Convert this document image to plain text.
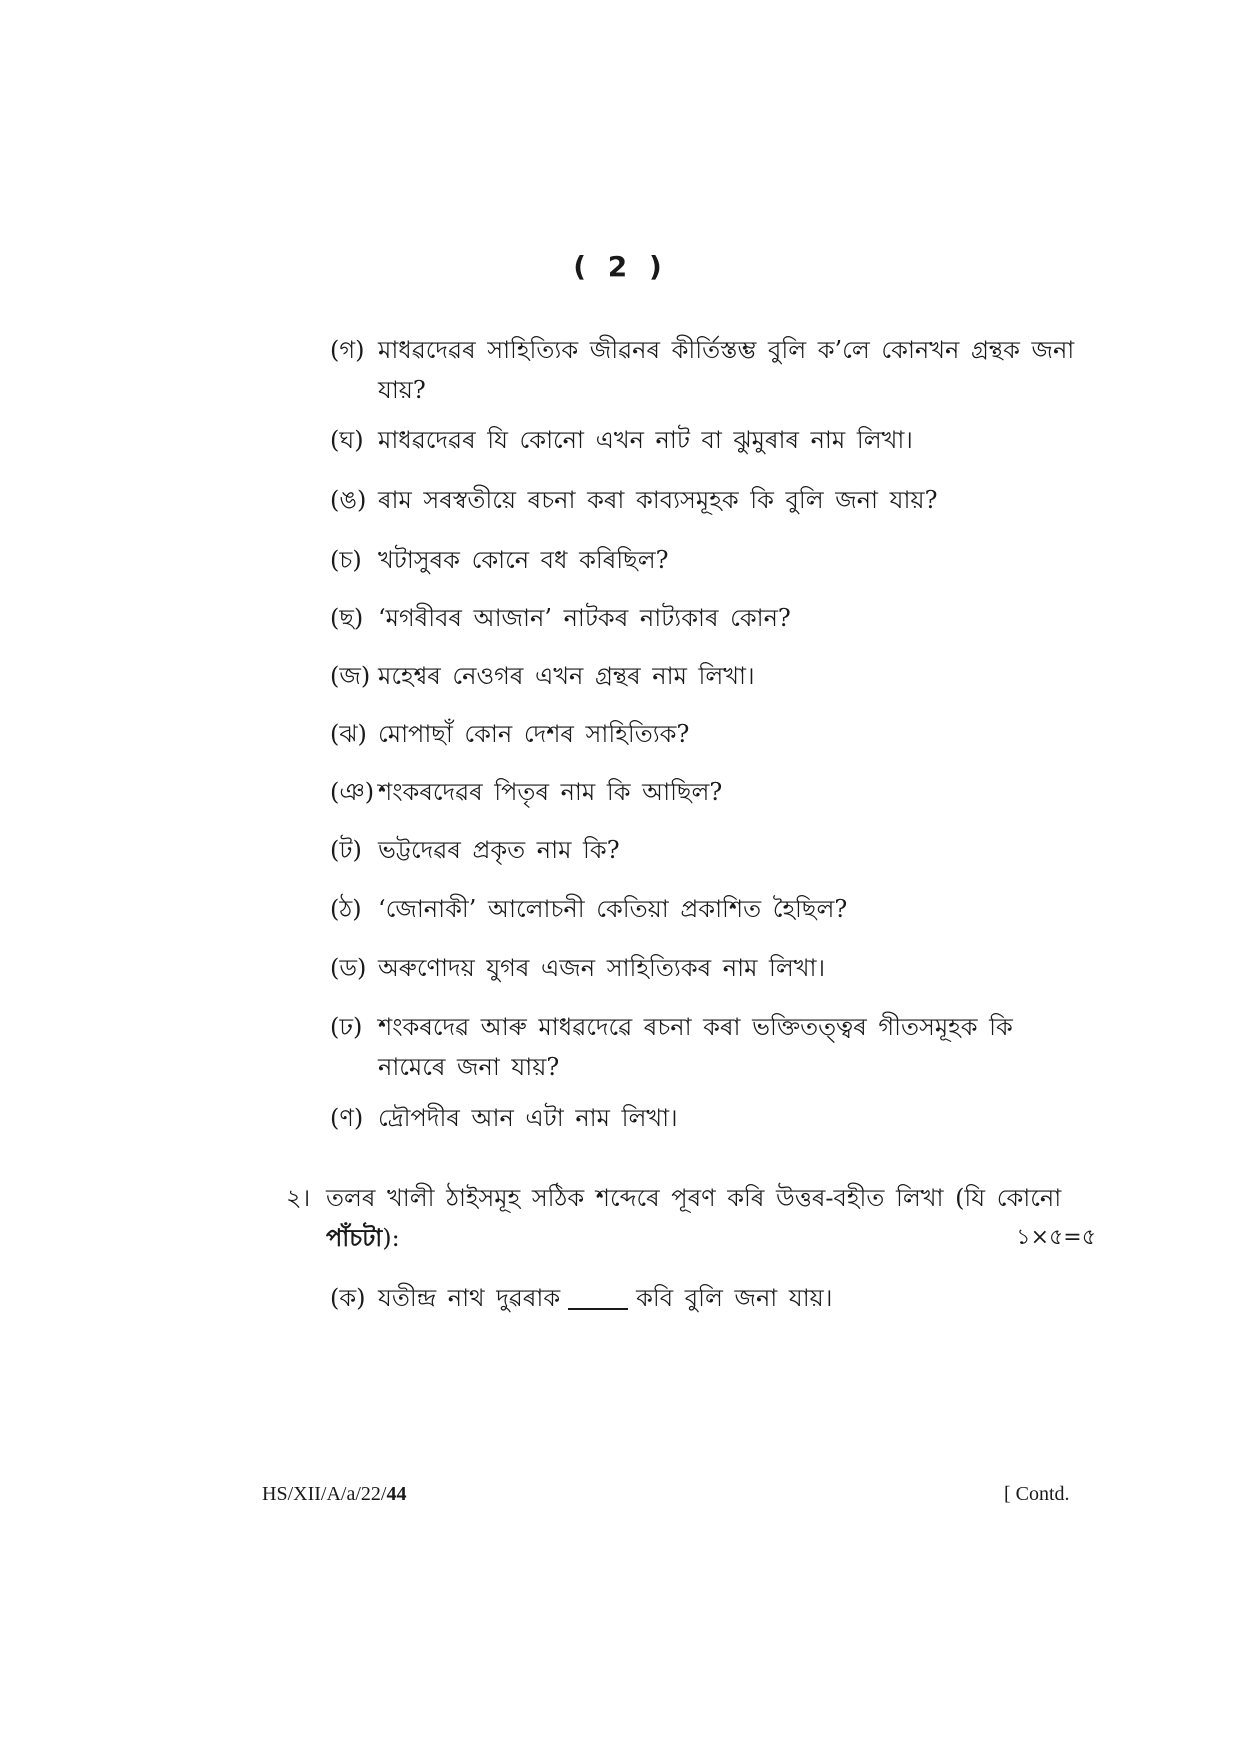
( 2 )
(গ) মাধৱদেৱৰ সাহিত্যিক জীৱনৰ কীৰ্তিস্তম্ভ বুলি ক’লে কোনখন গ্ৰন্থক জনা যায়?
(ঘ) মাধৱদেৱৰ যি কোনো এখন নাট বা ঝুমুৰাৰ নাম লিখা।
(ঙ) ৰাম সৰস্বতীয়ে ৰচনা কৰা কাব্যসমূহক কি বুলি জনা যায়?
(চ) খটাসুৰক কোনে বধ কৰিছিল?
(ছ) ‘মগৰীবৰ আজান’ নাটকৰ নাট্যকাৰ কোন?
(জ) মহেশ্বৰ নেওগৰ এখন গ্ৰন্থৰ নাম লিখা।
(ঝ) মোপাছাঁ কোন দেশৰ সাহিত্যিক?
(ঞ) শংকৰদেৱৰ পিতৃৰ নাম কি আছিল?
(ট) ভট্টদেৱৰ প্ৰকৃত নাম কি?
(ঠ) ‘জোনাকী’ আলোচনী কেতিয়া প্ৰকাশিত হৈছিল?
(ড) অৰুণোদয় যুগৰ এজন সাহিত্যিকৰ নাম লিখা।
(ঢ) শংকৰদেৱ আৰু মাধৱদেৱে ৰচনা কৰা ভক্তিতত্ত্বৰ গীতসমূহক কি নামেৰে জনা যায়?
(ণ) দ্ৰৌপদীৰ আন এটা নাম লিখা।
২। তলৰ খালী ঠাইসমূহ সঠিক শব্দেৰে পূৰণ কৰি উত্তৰ-বহীত লিখা (যি কোনো পাঁচটা):	১×৫=৫
(ক) যতীন্দ্ৰ নাথ দুৱৰাক	কবি বুলি জনা যায়।
HS/XII/A/a/22/44	[ Contd.
